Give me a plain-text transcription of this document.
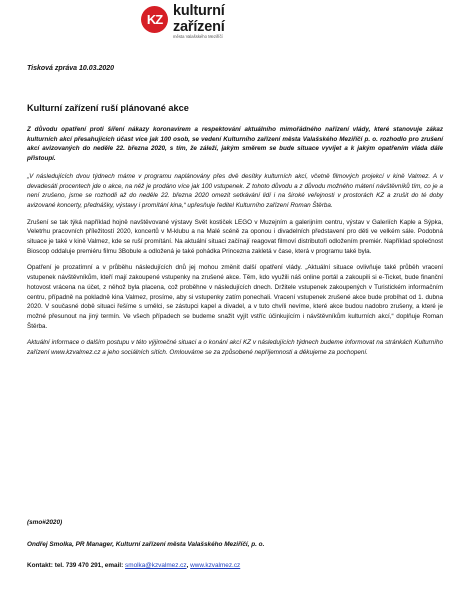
KZ
kulturní
zařízení
města Valašského Meziříčí
Tisková zpráva 10.03.2020
Kulturní zařízení ruší plánované akce

Z důvodu opatření proti šíření nákazy koronavirem a respektování aktuálního mimořádného nařízení vlády, které stanovuje zákaz kulturních akcí přesahujících účast více jak 100 osob, se vedení Kulturního zařízení města Valašského Meziříčí p. o. rozhodlo pro zrušení akcí avizovaných do neděle 22. března 2020, s tím, že záleží, jakým směrem se bude situace vyvíjet a k jakým opatřením vláda dále přistoupí.

„V následujících dvou týdnech máme v programu naplánovány přes dvě desítky kulturních akcí, včetně filmových projekcí v kině Valmez. A v devadesáti procentech jde o akce, na něž je prodáno více jak 100 vstupenek. Z tohoto důvodu a z důvodu možného mátení návštěvníků tím, co je a není zrušeno, jsme se rozhodli až do neděle 22. března 2020 omezit setkávání lidí i na široké veřejnosti v prostorách KZ a zrušit do té doby avizované koncerty, přednášky, výstavy i promítání kina,“ upřesňuje ředitel Kulturního zařízení Roman Štěrba.

Zrušení se tak týká například hojně navštěvované výstavy Svět kostiček LEGO v Muzejním a galerijním centru, výstav v Galeriích Kaple a Sýpka, Veletrhu pracovních příležitostí 2020, koncertů v M-klubu a na Malé scéně za oponou i divadelních představení pro děti ve velkém sále. Podobná situace je také v kině Valmez, kde se ruší promítání. Na aktuální situaci začínají reagovat filmoví distributoři odložením premiér. Například společnost Bioscop oddaluje premiéru filmu 3Bobule a odložená je také pohádka Princezna zakletá v čase, která v programu také byla.

Opatření je prozatímní a v průběhu následujících dnů jej mohou změnit další opatření vlády. „Aktuální situace ovlivňuje také průběh vracení vstupenek návštěvníkům, kteří mají zakoupené vstupenky na zrušené akce. Těm, kdo využili náš online portál a zakoupili si e-Ticket, bude finanční hotovost vrácena na účet, z něhož byla placena, což proběhne v následujících dnech. Držitele vstupenek zakoupených v Turistickém informačním centru, případně na pokladně kina Valmez, prosíme, aby si vstupenky zatím ponechali. Vracení vstupenek zrušené akce bude probíhat od 1. dubna 2020. V současné době situaci řešíme s umělci, se zástupci kapel a divadel, a v tuto chvíli nevíme, které akce budou nadobro zrušeny, a které je možné přesunout na jiný termín. Ve všech případech se budeme snažit vyjít vstříc účinkujícím i návštěvníkům kulturních akcí,“ doplňuje Roman Štěrba.

Aktuální informace o dalším postupu v této výjimečné situaci a o konání akcí KZ v následujících týdnech budeme informovat na stránkách Kulturního zařízení www.kzvalmez.cz a jeho sociálních sítích. Omlouváme se za způsobené nepříjemnosti a děkujeme za pochopení.

(smo#2020)
Ondřej Smolka, PR Manager, Kulturní zařízení města Valašského Meziříčí, p. o.
Kontakt: tel. 739 470 291, email: smolka@kzvalmez.cz, www.kzvalmez.cz
